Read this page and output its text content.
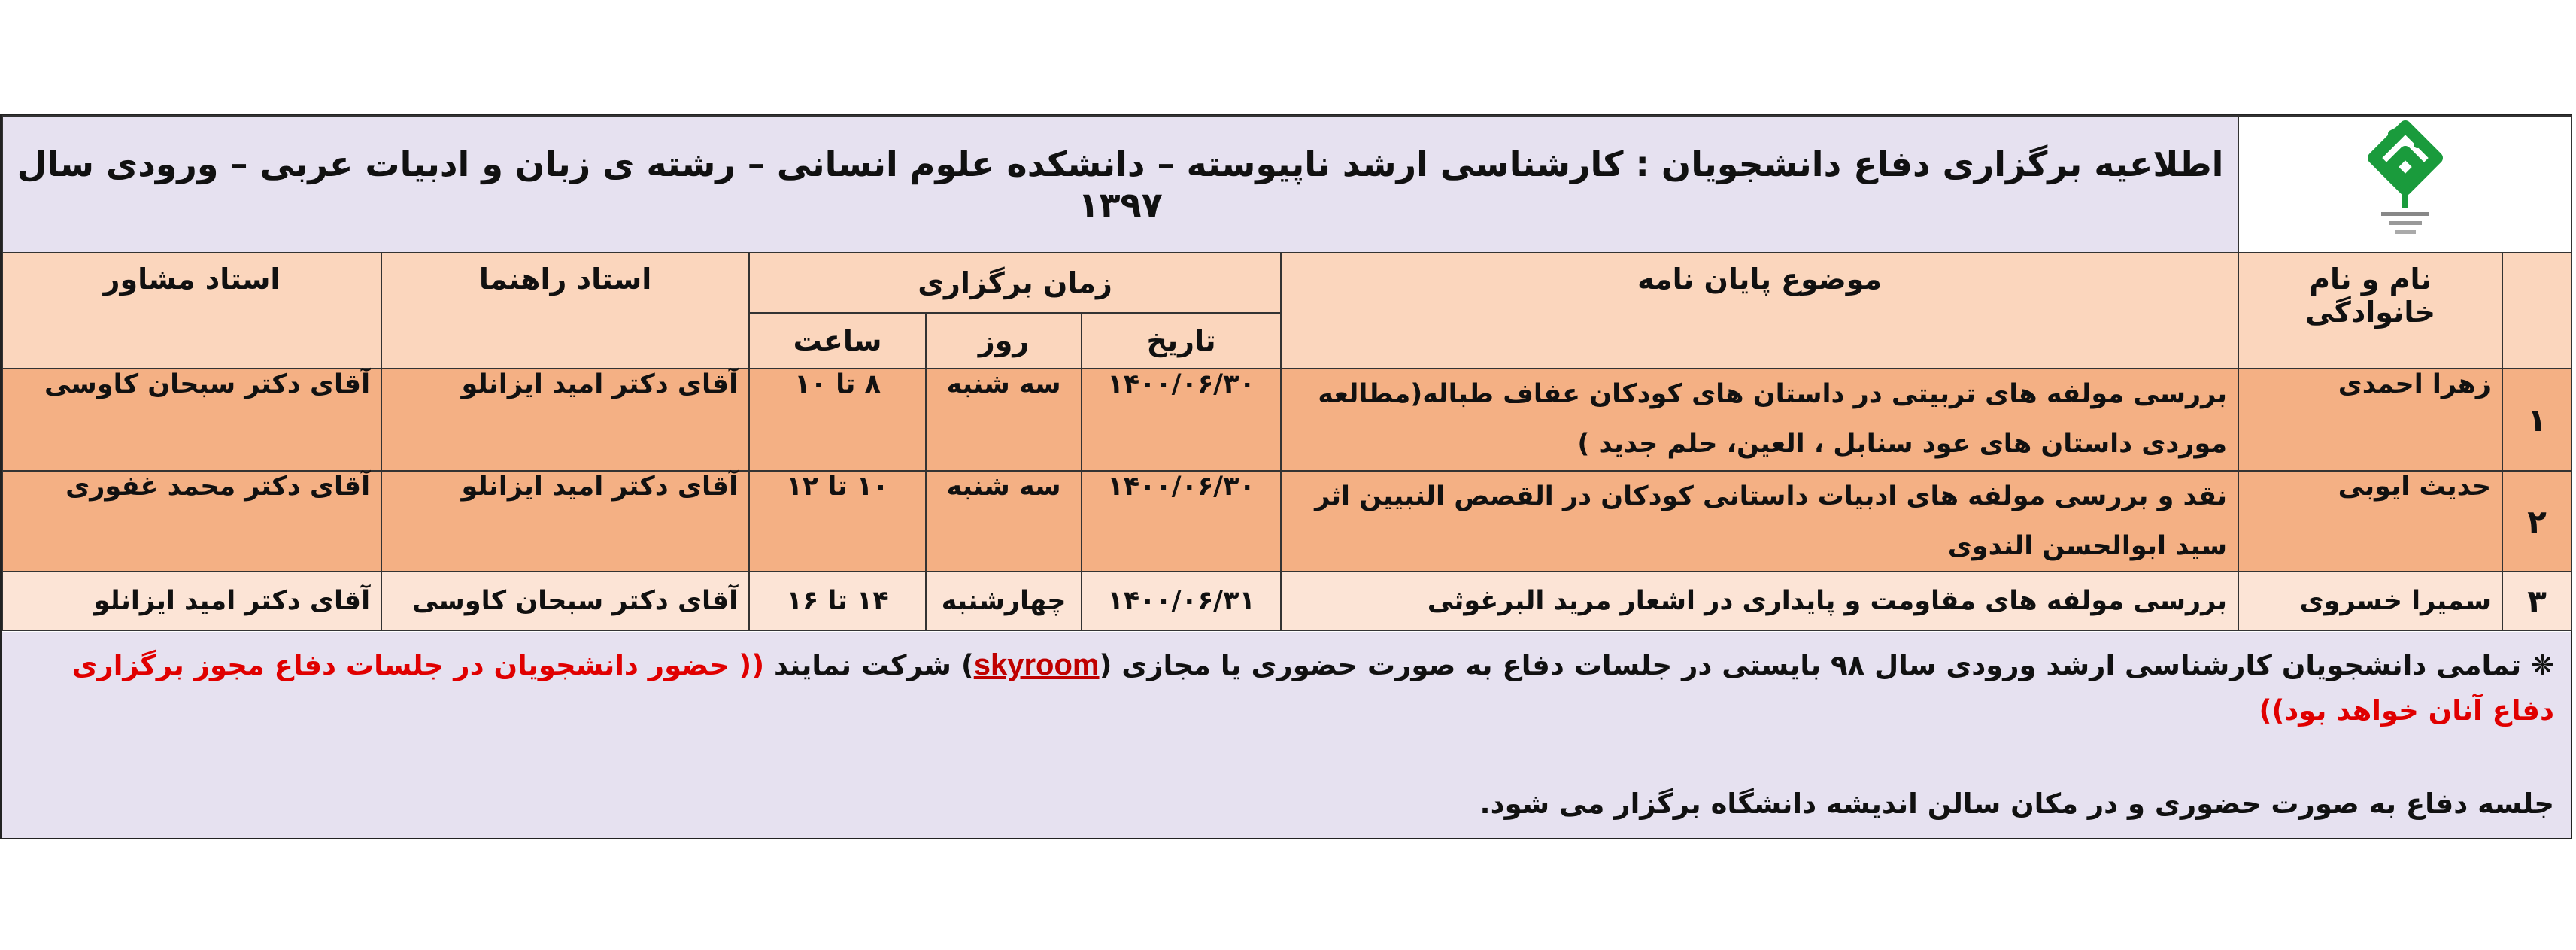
	اطلاعیه برگزاری دفاع دانشجویان : کارشناسی ارشد ناپیوسته – دانشکده علوم انسانی – رشته ی زبان و ادبیات عربی – ورودی سال ۱۳۹۷					
	نام و نام خانوادگی	موضوع پایان نامه	زمان برگزاری			استاد راهنما	استاد مشاور
			تاریخ	روز	ساعت		
۱	زهرا احمدی	بررسی مولفه های تربیتی در داستان های کودکان عفاف طباله(مطالعه موردی داستان های عود سنابل ، العین، حلم جدید )	۱۴۰۰/۰۶/۳۰	سه شنبه	۸ تا ۱۰	آقای دکتر امید ایزانلو	آقای دکتر سبحان کاوسی
۲	حدیث ایوبی	نقد و بررسی مولفه های ادبیات داستانی کودکان در القصص النبیین اثر سید ابوالحسن الندوی	۱۴۰۰/۰۶/۳۰	سه شنبه	۱۰ تا ۱۲	آقای دکتر امید ایزانلو	آقای دکتر محمد غفوری
۳	سمیرا خسروی	بررسی مولفه های مقاومت و پایداری در اشعار مرید البرغوثی	۱۴۰۰/۰۶/۳۱	چهارشنبه	۱۴ تا ۱۶	آقای دکتر سبحان کاوسی	آقای دکتر امید ایزانلو
❋ تمامی دانشجویان کارشناسی ارشد ورودی سال ۹۸ بایستی در جلسات دفاع به صورت حضوری یا مجازی (skyroom) شرکت نمایند (( حضور دانشجویان در جلسات دفاع مجوز برگزاری دفاع آنان خواهد بود))
جلسه دفاع به صورت حضوری و در مکان سالن اندیشه دانشگاه برگزار می شود.
